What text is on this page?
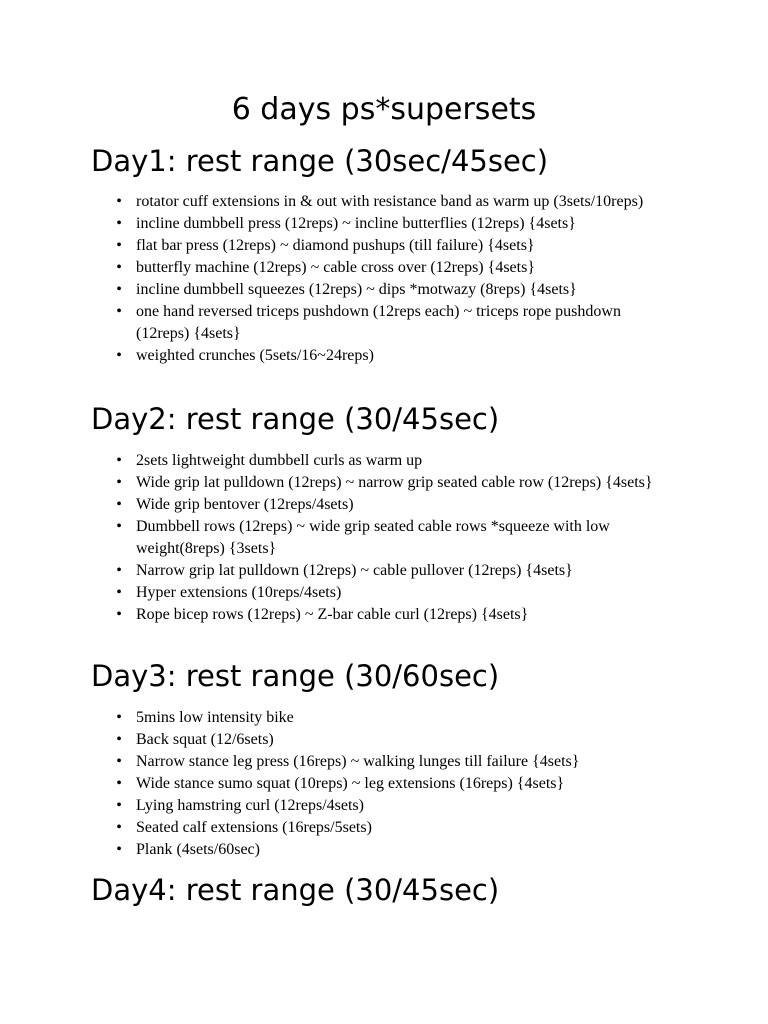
6 days ps*supersets
Day1: rest range (30sec/45sec)
• rotator cuff extensions in & out with resistance band as warm up (3sets/10reps)
• incline dumbbell press (12reps) ~ incline butterflies (12reps) {4sets}
• flat bar press (12reps) ~ diamond pushups (till failure) {4sets}
• butterfly machine (12reps) ~ cable cross over (12reps) {4sets}
• incline dumbbell squeezes (12reps) ~ dips *motwazy (8reps) {4sets}
• one hand reversed triceps pushdown (12reps each) ~ triceps rope pushdown (12reps) {4sets}
• weighted crunches (5sets/16~24reps)
Day2: rest range (30/45sec)
• 2sets lightweight dumbbell curls as warm up
• Wide grip lat pulldown (12reps) ~ narrow grip seated cable row (12reps) {4sets}
• Wide grip bentover (12reps/4sets)
• Dumbbell rows (12reps) ~ wide grip seated cable rows *squeeze with low weight(8reps) {3sets}
• Narrow grip lat pulldown (12reps) ~ cable pullover (12reps) {4sets}
• Hyper extensions (10reps/4sets)
• Rope bicep rows (12reps) ~ Z-bar cable curl (12reps) {4sets}
Day3: rest range (30/60sec)
• 5mins low intensity bike
• Back squat (12/6sets)
• Narrow stance leg press (16reps) ~ walking lunges till failure {4sets}
• Wide stance sumo squat (10reps) ~ leg extensions (16reps) {4sets}
• Lying hamstring curl (12reps/4sets)
• Seated calf extensions (16reps/5sets)
• Plank (4sets/60sec)
Day4: rest range (30/45sec)
